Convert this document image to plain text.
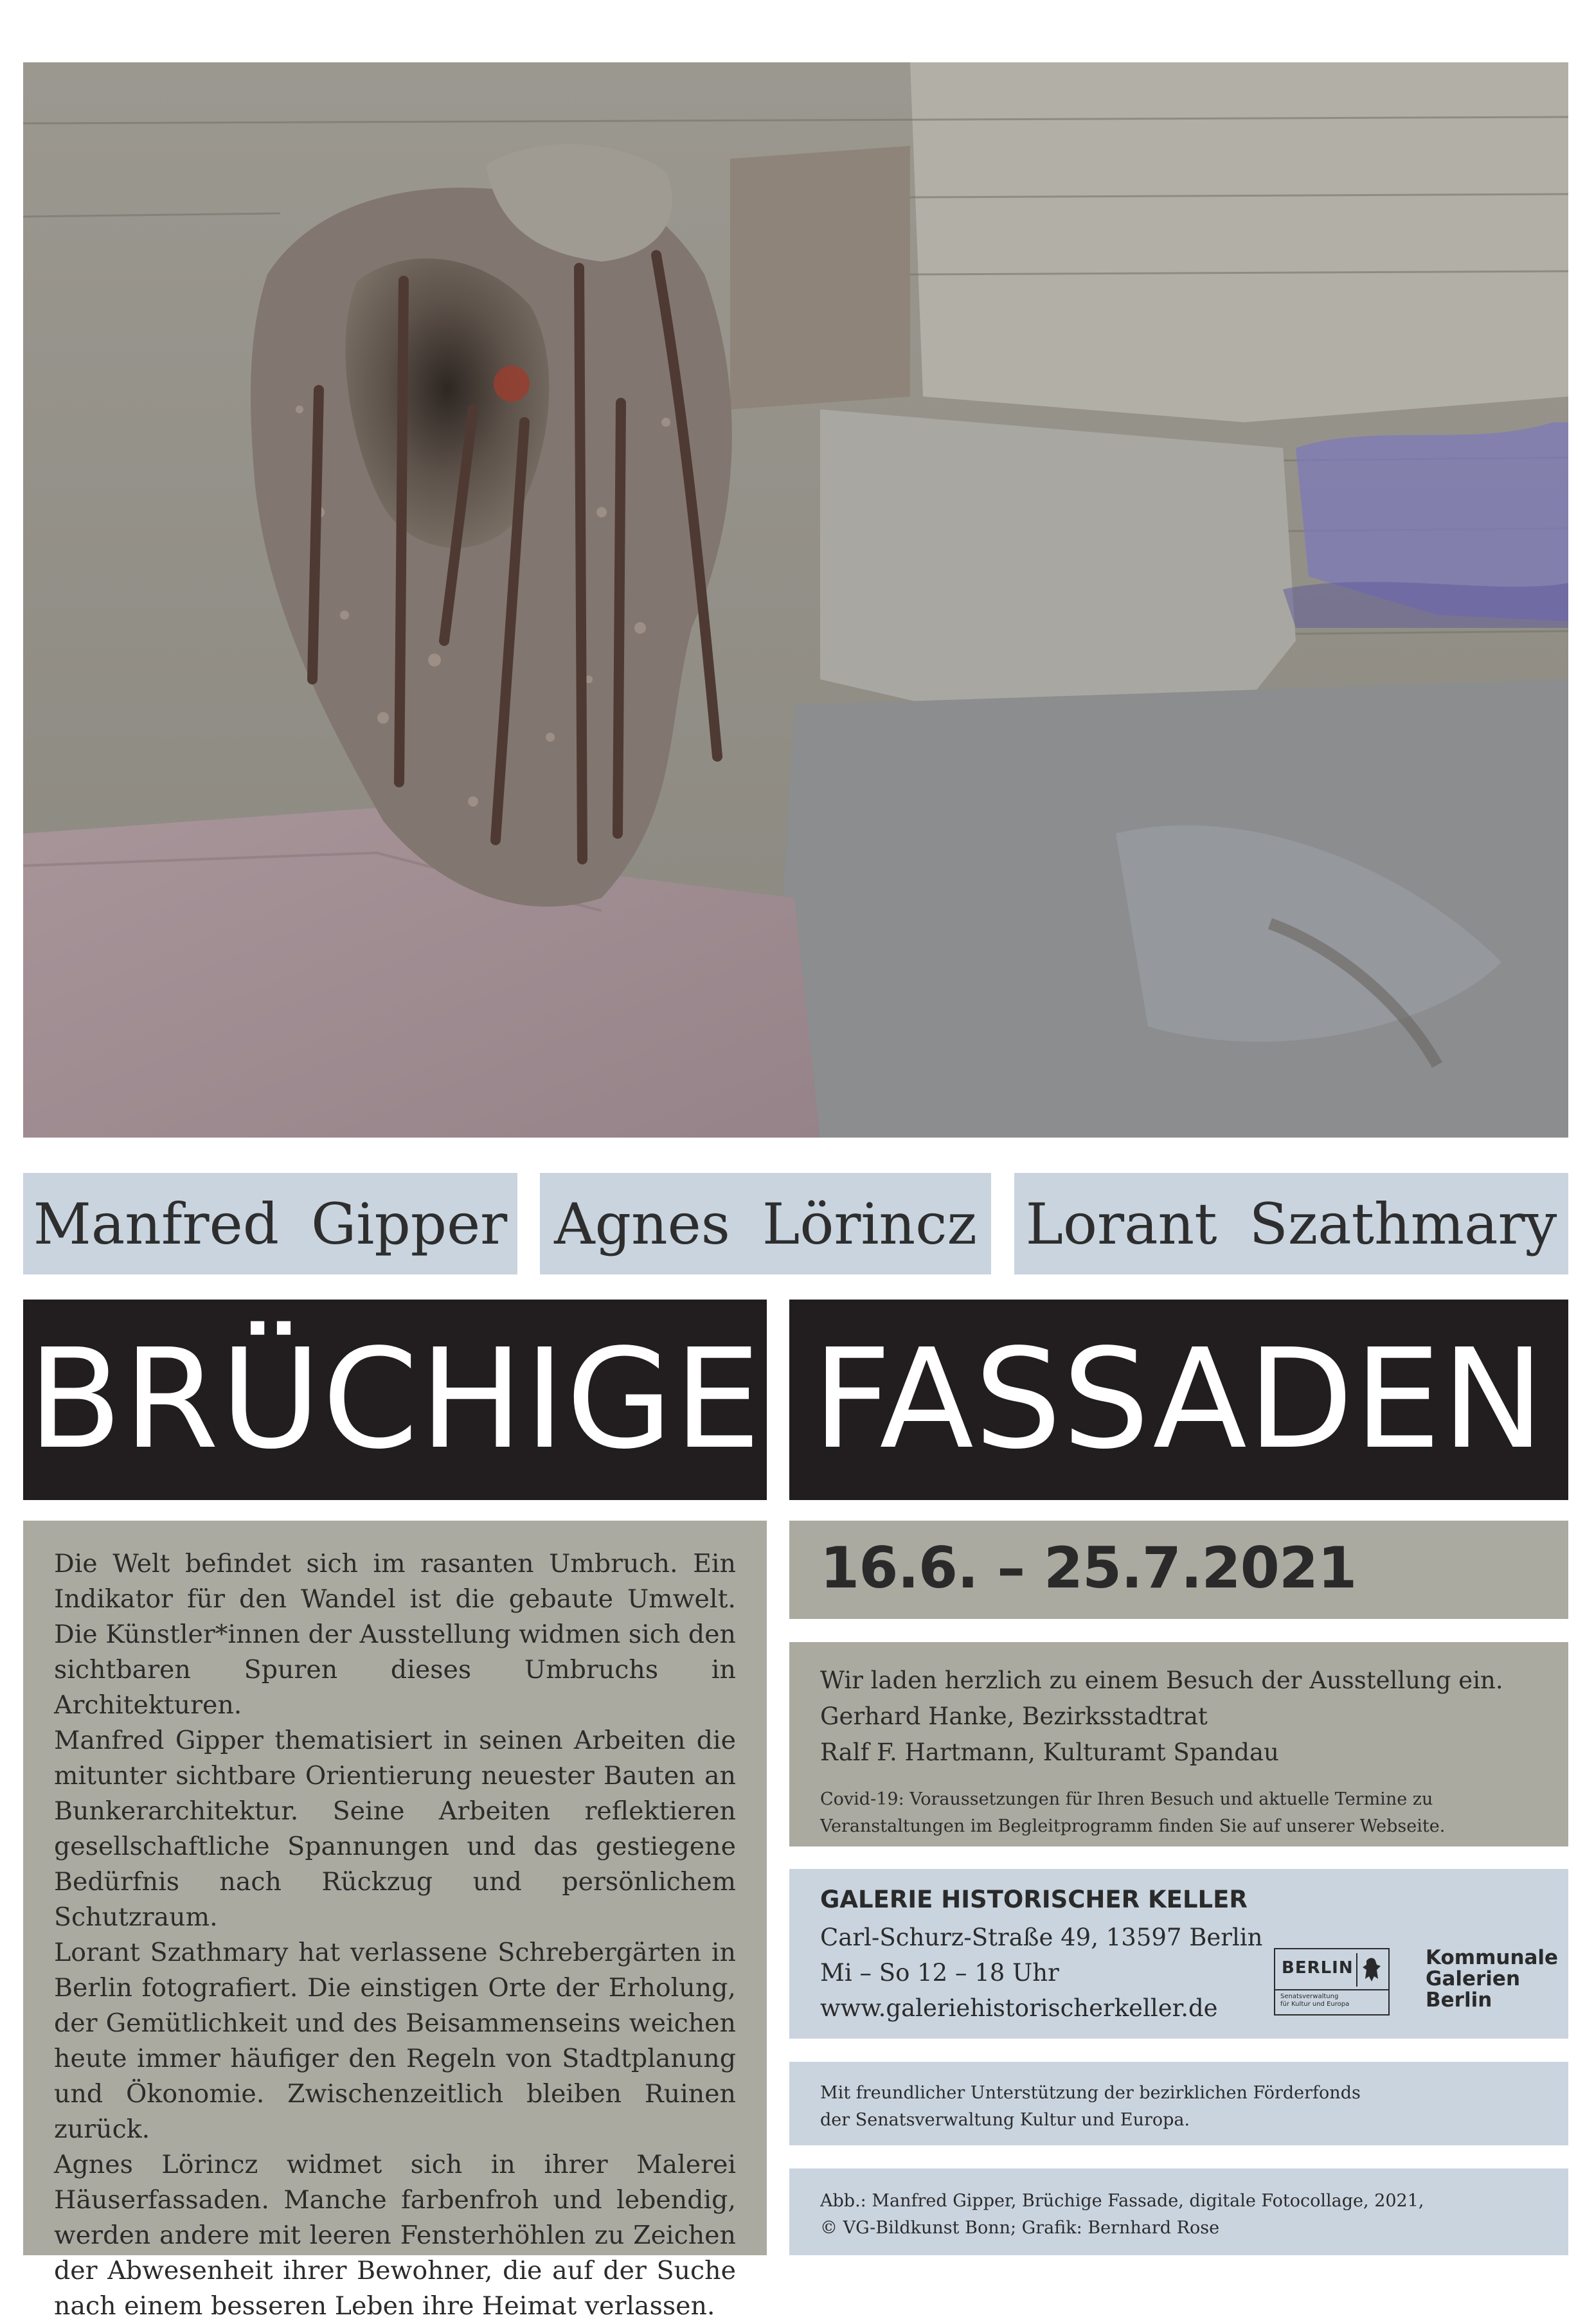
Manfred Gipper Agnes Lörincz Lorant Szathmary
BRÜCHIGE FASSADEN

Die Welt befindet sich im rasanten Umbruch. Ein Indikator für den Wandel ist die gebaute Umwelt. Die Künstler*innen der Ausstellung widmen sich den sichtbaren Spuren dieses Umbruchs in Architekturen.

Manfred Gipper thematisiert in seinen Arbeiten die mitunter sichtbare Orientierung neuester Bauten an Bunkerarchitektur. Seine Arbeiten reflektieren gesellschaftliche Spannungen und das gestiegene Bedürfnis nach Rückzug und persönlichem Schutzraum.

Lorant Szathmary hat verlassene Schrebergärten in Berlin fotografiert. Die einstigen Orte der Erholung, der Gemütlichkeit und des Beisammenseins weichen heute immer häufiger den Regeln von Stadtplanung und Ökonomie. Zwischenzeitlich bleiben Ruinen zurück.

Agnes Lörincz widmet sich in ihrer Malerei Häuserfassaden. Manche farbenfroh und lebendig, werden andere mit leeren Fensterhöhlen zu Zeichen der Abwesenheit ihrer Bewohner, die auf der Suche nach einem besseren Leben ihre Heimat verlassen.

16.6. – 25.7.2021
Wir laden herzlich zu einem Besuch der Ausstellung ein.
Gerhard Hanke, Bezirksstadtrat
Ralf F. Hartmann, Kulturamt Spandau
Covid-19: Voraussetzungen für Ihren Besuch und aktuelle Termine zu Veranstaltungen im Begleitprogramm finden Sie auf unserer Webseite.
GALERIE HISTORISCHER KELLER
Carl-Schurz-Straße 49, 13597 Berlin
Mi – So 12 – 18 Uhr
www.galeriehistorischerkeller.de
BERLIN
Senatsverwaltung
für Kultur und Europa
Kommunale
Galerien
Berlin
Mit freundlicher Unterstützung der bezirklichen Förderfonds
der Senatsverwaltung Kultur und Europa.
Abb.: Manfred Gipper, Brüchige Fassade, digitale Fotocollage, 2021,
© VG-Bildkunst Bonn; Grafik: Bernhard Rose
